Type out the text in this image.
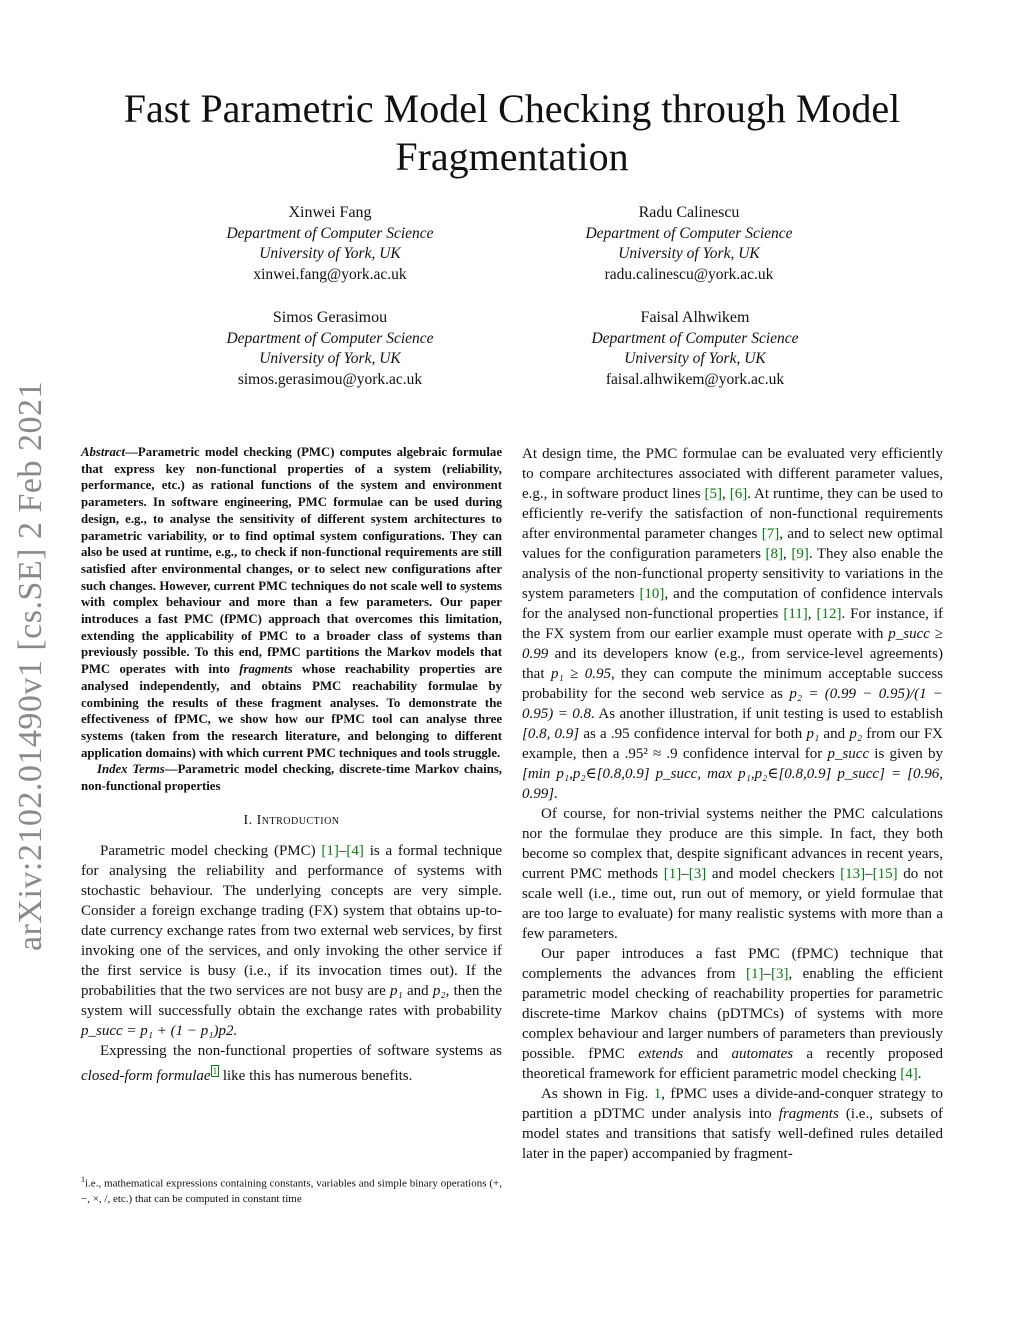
arXiv:2102.01490v1 [cs.SE] 2 Feb 2021
Fast Parametric Model Checking through Model Fragmentation
Xinwei Fang
Department of Computer Science
University of York, UK
xinwei.fang@york.ac.uk
Radu Calinescu
Department of Computer Science
University of York, UK
radu.calinescu@york.ac.uk
Simos Gerasimou
Department of Computer Science
University of York, UK
simos.gerasimou@york.ac.uk
Faisal Alhwikem
Department of Computer Science
University of York, UK
faisal.alhwikem@york.ac.uk

Abstract—Parametric model checking (PMC) computes algebraic formulae that express key non-functional properties of a system (reliability, performance, etc.) as rational functions of the system and environment parameters. In software engineering, PMC formulae can be used during design, e.g., to analyse the sensitivity of different system architectures to parametric variability, or to find optimal system configurations. They can also be used at runtime, e.g., to check if non-functional requirements are still satisfied after environmental changes, or to select new configurations after such changes. However, current PMC techniques do not scale well to systems with complex behaviour and more than a few parameters. Our paper introduces a fast PMC (fPMC) approach that overcomes this limitation, extending the applicability of PMC to a broader class of systems than previously possible. To this end, fPMC partitions the Markov models that PMC operates with into fragments whose reachability properties are analysed independently, and obtains PMC reachability formulae by combining the results of these fragment analyses. To demonstrate the effectiveness of fPMC, we show how our fPMC tool can analyse three systems (taken from the research literature, and belonging to different application domains) with which current PMC techniques and tools struggle.

Index Terms—Parametric model checking, discrete-time Markov chains, non-functional properties

I. Introduction

Parametric model checking (PMC) [1]–[4] is a formal technique for analysing the reliability and performance of systems with stochastic behaviour. The underlying concepts are very simple. Consider a foreign exchange trading (FX) system that obtains up-to-date currency exchange rates from two external web services, by first invoking one of the services, and only invoking the other service if the first service is busy (i.e., if its invocation times out). If the probabilities that the two services are not busy are p₁ and p₂, then the system will successfully obtain the exchange rates with probability p_succ = p₁ + (1 − p₁)p2.

Expressing the non-functional properties of software systems as closed-form formulae $^1$ like this has numerous benefits.

$^1$i.e., mathematical expressions containing constants, variables and simple binary operations (+, −, ×, /, etc.) that can be computed in constant time

At design time, the PMC formulae can be evaluated very efficiently to compare architectures associated with different parameter values, e.g., in software product lines [5], [6]. At runtime, they can be used to efficiently re-verify the satisfaction of non-functional requirements after environmental parameter changes [7], and to select new optimal values for the configuration parameters [8], [9]. They also enable the analysis of the non-functional property sensitivity to variations in the system parameters [10], and the computation of confidence intervals for the analysed non-functional properties [11], [12]. For instance, if the FX system from our earlier example must operate with p_succ ≥ 0.99 and its developers know (e.g., from service-level agreements) that p₁ ≥ 0.95, they can compute the minimum acceptable success probability for the second web service as p₂ = (0.99 − 0.95)/(1 − 0.95) = 0.8. As another illustration, if unit testing is used to establish [0.8, 0.9] as a .95 confidence interval for both p₁ and p₂ from our FX example, then a .95² ≈ .9 confidence interval for p_succ is given by [min p₁,p₂∈[0.8,0.9] p_succ, max p₁,p₂∈[0.8,0.9] p_succ] = [0.96, 0.99].

Of course, for non-trivial systems neither the PMC calculations nor the formulae they produce are this simple. In fact, they both become so complex that, despite significant advances in recent years, current PMC methods [1]–[3] and model checkers [13]–[15] do not scale well (i.e., time out, run out of memory, or yield formulae that are too large to evaluate) for many realistic systems with more than a few parameters.

Our paper introduces a fast PMC (fPMC) technique that complements the advances from [1]–[3], enabling the efficient parametric model checking of reachability properties for parametric discrete-time Markov chains (pDTMCs) of systems with more complex behaviour and larger numbers of parameters than previously possible. fPMC extends and automates a recently proposed theoretical framework for efficient parametric model checking [4].

As shown in Fig. 1, fPMC uses a divide-and-conquer strategy to partition a pDTMC under analysis into fragments (i.e., subsets of model states and transitions that satisfy well-defined rules detailed later in the paper) accompanied by fragment-
